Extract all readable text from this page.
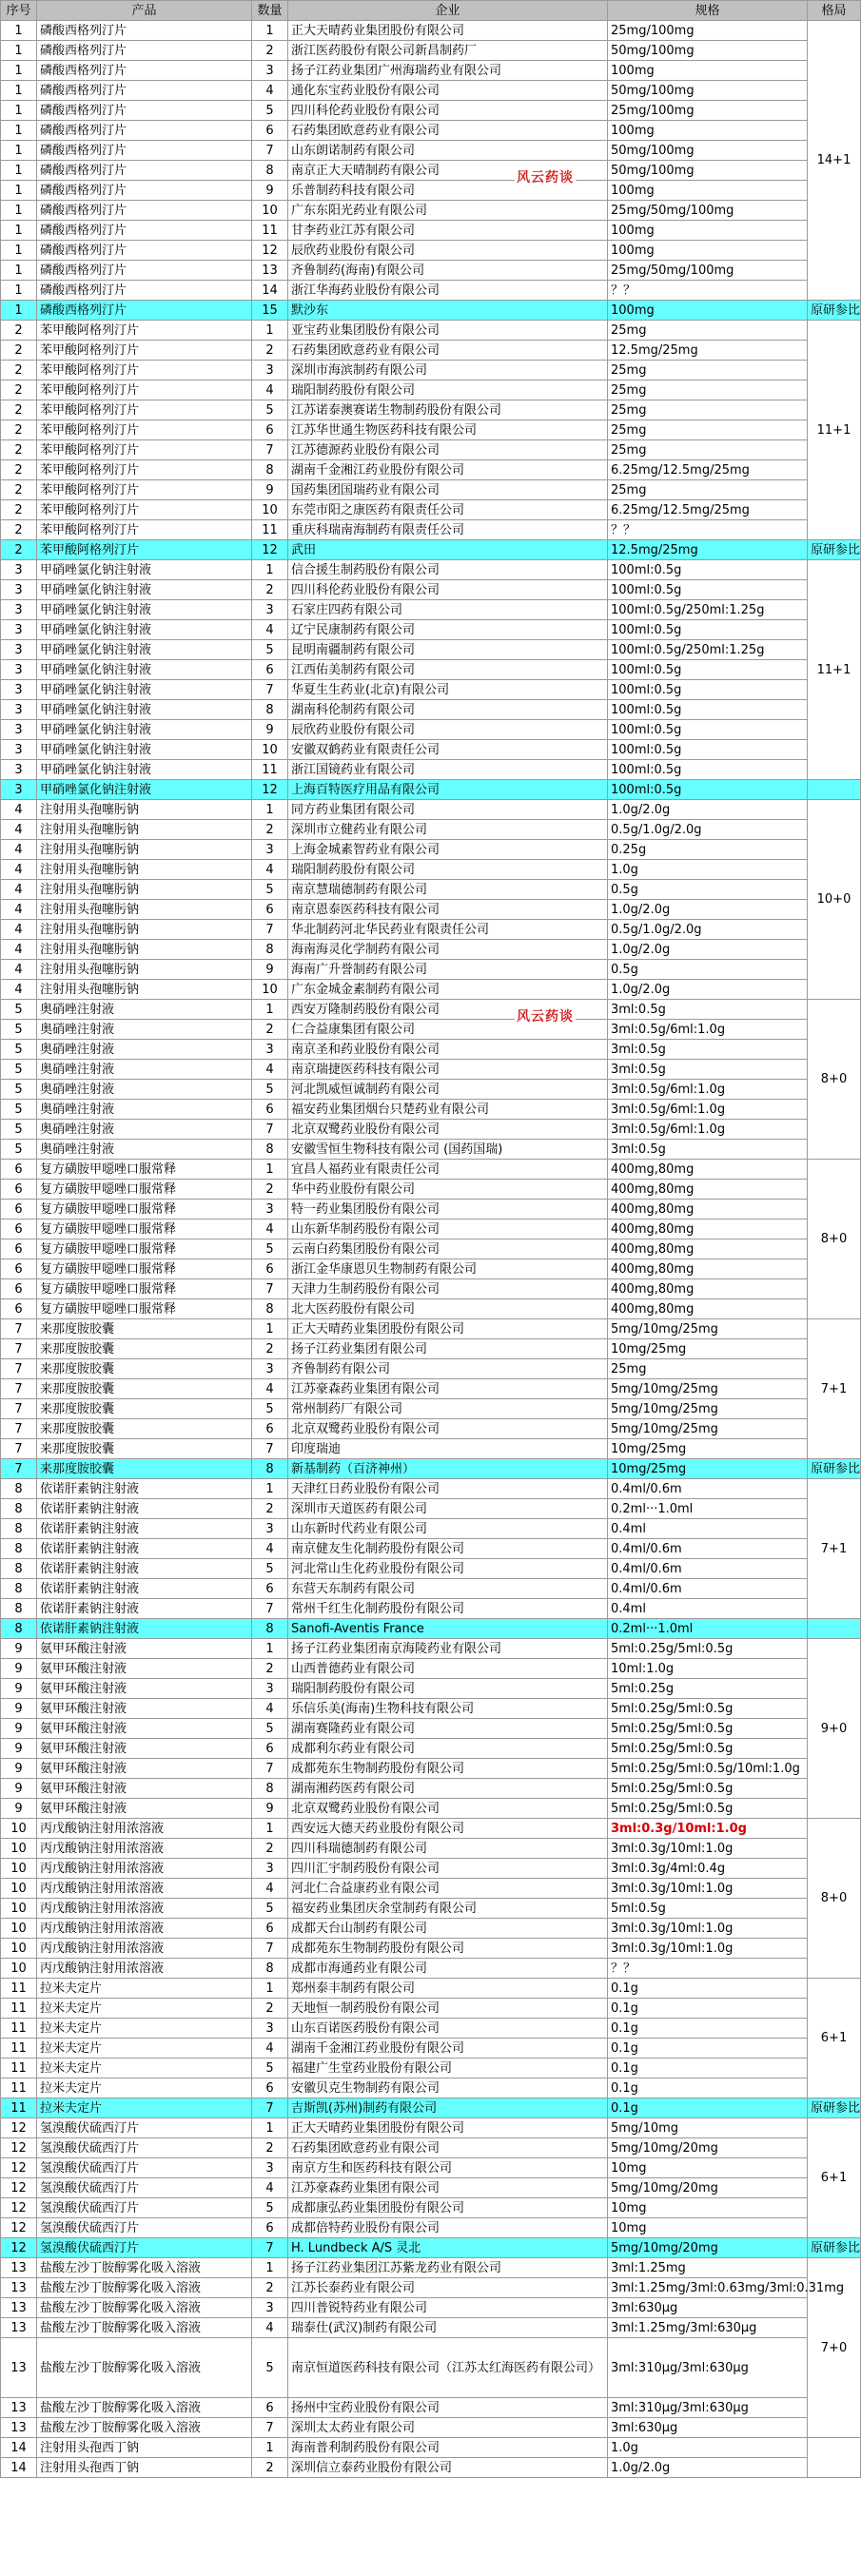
序号	产品	数量	企业	规格	格局
1	磷酸西格列汀片	1	正大天晴药业集团股份有限公司	25mg/100mg	14+1
1	磷酸西格列汀片	2	浙江医药股份有限公司新昌制药厂	50mg/100mg	
1	磷酸西格列汀片	3	扬子江药业集团广州海瑞药业有限公司	100mg	
1	磷酸西格列汀片	4	通化东宝药业股份有限公司	50mg/100mg	
1	磷酸西格列汀片	5	四川科伦药业股份有限公司	25mg/100mg	
1	磷酸西格列汀片	6	石药集团欧意药业有限公司	100mg	
1	磷酸西格列汀片	7	山东朗诺制药有限公司	50mg/100mg	
1	磷酸西格列汀片	8	南京正大天晴制药有限公司	50mg/100mg	
1	磷酸西格列汀片	9	乐普制药科技有限公司	100mg	
1	磷酸西格列汀片	10	广东东阳光药业有限公司	25mg/50mg/100mg	
1	磷酸西格列汀片	11	甘李药业江苏有限公司	100mg	
1	磷酸西格列汀片	12	辰欣药业股份有限公司	100mg	
1	磷酸西格列汀片	13	齐鲁制药(海南)有限公司	25mg/50mg/100mg	
1	磷酸西格列汀片	14	浙江华海药业股份有限公司	？？	
1	磷酸西格列汀片	15	默沙东	100mg	原研参比
2	苯甲酸阿格列汀片	1	亚宝药业集团股份有限公司	25mg	11+1
2	苯甲酸阿格列汀片	2	石药集团欧意药业有限公司	12.5mg/25mg	
2	苯甲酸阿格列汀片	3	深圳市海滨制药有限公司	25mg	
2	苯甲酸阿格列汀片	4	瑞阳制药股份有限公司	25mg	
2	苯甲酸阿格列汀片	5	江苏诺泰澳赛诺生物制药股份有限公司	25mg	
2	苯甲酸阿格列汀片	6	江苏华世通生物医药科技有限公司	25mg	
2	苯甲酸阿格列汀片	7	江苏德源药业股份有限公司	25mg	
2	苯甲酸阿格列汀片	8	湖南千金湘江药业股份有限公司	6.25mg/12.5mg/25mg	
2	苯甲酸阿格列汀片	9	国药集团国瑞药业有限公司	25mg	
2	苯甲酸阿格列汀片	10	东莞市阳之康医药有限责任公司	6.25mg/12.5mg/25mg	
2	苯甲酸阿格列汀片	11	重庆科瑞南海制药有限责任公司	？？	
2	苯甲酸阿格列汀片	12	武田	12.5mg/25mg	原研参比
3	甲硝唑氯化钠注射液	1	信合援生制药股份有限公司	100ml:0.5g	11+1
3	甲硝唑氯化钠注射液	2	四川科伦药业股份有限公司	100ml:0.5g	
3	甲硝唑氯化钠注射液	3	石家庄四药有限公司	100ml:0.5g/250ml:1.25g	
3	甲硝唑氯化钠注射液	4	辽宁民康制药有限公司	100ml:0.5g	
3	甲硝唑氯化钠注射液	5	昆明南疆制药有限公司	100ml:0.5g/250ml:1.25g	
3	甲硝唑氯化钠注射液	6	江西佑美制药有限公司	100ml:0.5g	
3	甲硝唑氯化钠注射液	7	华夏生生药业(北京)有限公司	100ml:0.5g	
3	甲硝唑氯化钠注射液	8	湖南科伦制药有限公司	100ml:0.5g	
3	甲硝唑氯化钠注射液	9	辰欣药业股份有限公司	100ml:0.5g	
3	甲硝唑氯化钠注射液	10	安徽双鹤药业有限责任公司	100ml:0.5g	
3	甲硝唑氯化钠注射液	11	浙江国镜药业有限公司	100ml:0.5g	
3	甲硝唑氯化钠注射液	12	上海百特医疗用品有限公司	100ml:0.5g	
4	注射用头孢噻肟钠	1	同方药业集团有限公司	1.0g/2.0g	10+0
4	注射用头孢噻肟钠	2	深圳市立健药业有限公司	0.5g/1.0g/2.0g	
4	注射用头孢噻肟钠	3	上海金城素智药业有限公司	0.25g	
4	注射用头孢噻肟钠	4	瑞阳制药股份有限公司	1.0g	
4	注射用头孢噻肟钠	5	南京慧瑞德制药有限公司	0.5g	
4	注射用头孢噻肟钠	6	南京恩泰医药科技有限公司	1.0g/2.0g	
4	注射用头孢噻肟钠	7	华北制药河北华民药业有限责任公司	0.5g/1.0g/2.0g	
4	注射用头孢噻肟钠	8	海南海灵化学制药有限公司	1.0g/2.0g	
4	注射用头孢噻肟钠	9	海南广升誉制药有限公司	0.5g	
4	注射用头孢噻肟钠	10	广东金城金素制药有限公司	1.0g/2.0g	
5	奥硝唑注射液	1	西安万隆制药股份有限公司	3ml:0.5g	8+0
5	奥硝唑注射液	2	仁合益康集团有限公司	3ml:0.5g/6ml:1.0g	
5	奥硝唑注射液	3	南京圣和药业股份有限公司	3ml:0.5g	
5	奥硝唑注射液	4	南京瑞捷医药科技有限公司	3ml:0.5g	
5	奥硝唑注射液	5	河北凯威恒诚制药有限公司	3ml:0.5g/6ml:1.0g	
5	奥硝唑注射液	6	福安药业集团烟台只楚药业有限公司	3ml:0.5g/6ml:1.0g	
5	奥硝唑注射液	7	北京双鹭药业股份有限公司	3ml:0.5g/6ml:1.0g	
5	奥硝唑注射液	8	安徽雪恒生物科技有限公司 (国药国瑞)	3ml:0.5g	
6	复方磺胺甲噁唑口服常释	1	宜昌人福药业有限责任公司	400mg,80mg	8+0
6	复方磺胺甲噁唑口服常释	2	华中药业股份有限公司	400mg,80mg	
6	复方磺胺甲噁唑口服常释	3	特一药业集团股份有限公司	400mg,80mg	
6	复方磺胺甲噁唑口服常释	4	山东新华制药股份有限公司	400mg,80mg	
6	复方磺胺甲噁唑口服常释	5	云南白药集团股份有限公司	400mg,80mg	
6	复方磺胺甲噁唑口服常释	6	浙江金华康恩贝生物制药有限公司	400mg,80mg	
6	复方磺胺甲噁唑口服常释	7	天津力生制药股份有限公司	400mg,80mg	
6	复方磺胺甲噁唑口服常释	8	北大医药股份有限公司	400mg,80mg	
7	来那度胺胶囊	1	正大天晴药业集团股份有限公司	5mg/10mg/25mg	7+1
7	来那度胺胶囊	2	扬子江药业集团有限公司	10mg/25mg	
7	来那度胺胶囊	3	齐鲁制药有限公司	25mg	
7	来那度胺胶囊	4	江苏豪森药业集团有限公司	5mg/10mg/25mg	
7	来那度胺胶囊	5	常州制药厂有限公司	5mg/10mg/25mg	
7	来那度胺胶囊	6	北京双鹭药业股份有限公司	5mg/10mg/25mg	
7	来那度胺胶囊	7	印度瑞迪	10mg/25mg	
7	来那度胺胶囊	8	新基制药（百济神州）	10mg/25mg	原研参比
8	依诺肝素钠注射液	1	天津红日药业股份有限公司	0.4ml/0.6m	7+1
8	依诺肝素钠注射液	2	深圳市天道医药有限公司	0.2ml···1.0ml	
8	依诺肝素钠注射液	3	山东新时代药业有限公司	0.4ml	
8	依诺肝素钠注射液	4	南京健友生化制药股份有限公司	0.4ml/0.6m	
8	依诺肝素钠注射液	5	河北常山生化药业股份有限公司	0.4ml/0.6m	
8	依诺肝素钠注射液	6	东营天东制药有限公司	0.4ml/0.6m	
8	依诺肝素钠注射液	7	常州千红生化制药股份有限公司	0.4ml	
8	依诺肝素钠注射液	8	Sanofi-Aventis France	0.2ml···1.0ml	
9	氨甲环酸注射液	1	扬子江药业集团南京海陵药业有限公司	5ml:0.25g/5ml:0.5g	9+0
9	氨甲环酸注射液	2	山西普德药业有限公司	10ml:1.0g	
9	氨甲环酸注射液	3	瑞阳制药股份有限公司	5ml:0.25g	
9	氨甲环酸注射液	4	乐信乐美(海南)生物科技有限公司	5ml:0.25g/5ml:0.5g	
9	氨甲环酸注射液	5	湖南赛隆药业有限公司	5ml:0.25g/5ml:0.5g	
9	氨甲环酸注射液	6	成都利尔药业有限公司	5ml:0.25g/5ml:0.5g	
9	氨甲环酸注射液	7	成都苑东生物制药股份有限公司	5ml:0.25g/5ml:0.5g/10ml:1.0g	
9	氨甲环酸注射液	8	湖南湘药医药有限公司	5ml:0.25g/5ml:0.5g	
9	氨甲环酸注射液	9	北京双鹭药业股份有限公司	5ml:0.25g/5ml:0.5g	
10	丙戊酸钠注射用浓溶液	1	西安远大德天药业股份有限公司	3ml:0.3g/10ml:1.0g	8+0
10	丙戊酸钠注射用浓溶液	2	四川科瑞德制药有限公司	3ml:0.3g/10ml:1.0g	
10	丙戊酸钠注射用浓溶液	3	四川汇宇制药股份有限公司	3ml:0.3g/4ml:0.4g	
10	丙戊酸钠注射用浓溶液	4	河北仁合益康药业有限公司	3ml:0.3g/10ml:1.0g	
10	丙戊酸钠注射用浓溶液	5	福安药业集团庆余堂制药有限公司	5ml:0.5g	
10	丙戊酸钠注射用浓溶液	6	成都天台山制药有限公司	3ml:0.3g/10ml:1.0g	
10	丙戊酸钠注射用浓溶液	7	成都苑东生物制药股份有限公司	3ml:0.3g/10ml:1.0g	
10	丙戊酸钠注射用浓溶液	8	成都市海通药业有限公司	？？	
11	拉米夫定片	1	郑州泰丰制药有限公司	0.1g	6+1
11	拉米夫定片	2	天地恒一制药股份有限公司	0.1g	
11	拉米夫定片	3	山东百诺医药股份有限公司	0.1g	
11	拉米夫定片	4	湖南千金湘江药业股份有限公司	0.1g	
11	拉米夫定片	5	福建广生堂药业股份有限公司	0.1g	
11	拉米夫定片	6	安徽贝克生物制药有限公司	0.1g	
11	拉米夫定片	7	吉斯凯(苏州)制药有限公司	0.1g	原研参比
12	氢溴酸伏硫西汀片	1	正大天晴药业集团股份有限公司	5mg/10mg	6+1
12	氢溴酸伏硫西汀片	2	石药集团欧意药业有限公司	5mg/10mg/20mg	
12	氢溴酸伏硫西汀片	3	南京方生和医药科技有限公司	10mg	
12	氢溴酸伏硫西汀片	4	江苏豪森药业集团有限公司	5mg/10mg/20mg	
12	氢溴酸伏硫西汀片	5	成都康弘药业集团股份有限公司	10mg	
12	氢溴酸伏硫西汀片	6	成都倍特药业股份有限公司	10mg	
12	氢溴酸伏硫西汀片	7	H. Lundbeck A/S 灵北	5mg/10mg/20mg	原研参比
13	盐酸左沙丁胺醇雾化吸入溶液	1	扬子江药业集团江苏紫龙药业有限公司	3ml:1.25mg	7+0
13	盐酸左沙丁胺醇雾化吸入溶液	2	江苏长泰药业有限公司	3ml:1.25mg/3ml:0.63mg/3ml:0.31mg	
13	盐酸左沙丁胺醇雾化吸入溶液	3	四川普锐特药业有限公司	3ml:630μg	
13	盐酸左沙丁胺醇雾化吸入溶液	4	瑞泰仕(武汉)制药有限公司	3ml:1.25mg/3ml:630μg	
13	盐酸左沙丁胺醇雾化吸入溶液	5	南京恒道医药科技有限公司（江苏太红海医药有限公司）	3ml:310μg/3ml:630μg	
13	盐酸左沙丁胺醇雾化吸入溶液	6	扬州中宝药业股份有限公司	3ml:310μg/3ml:630μg	
13	盐酸左沙丁胺醇雾化吸入溶液	7	深圳太太药业有限公司	3ml:630μg	
14	注射用头孢西丁钠	1	海南普利制药股份有限公司	1.0g	
14	注射用头孢西丁钠	2	深圳信立泰药业股份有限公司	1.0g/2.0g	
风云药谈
风云药谈
